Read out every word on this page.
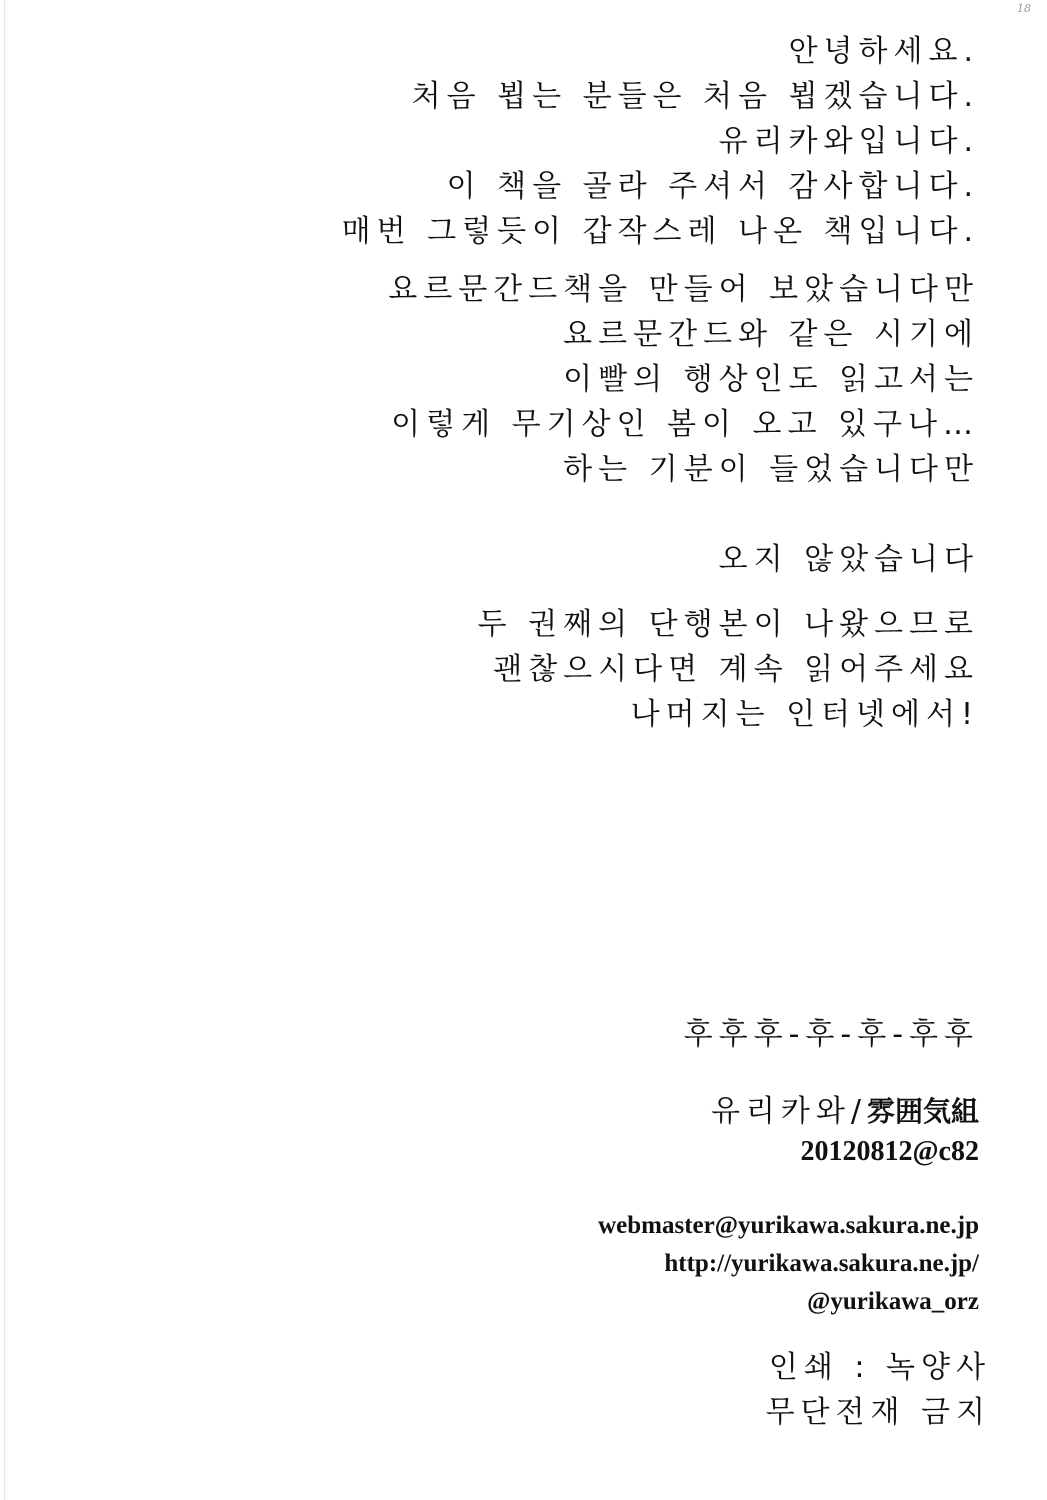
18
안녕하세요.
처음 뵙는 분들은 처음 뵙겠습니다.
유리카와입니다.
이 책을 골라 주셔서 감사합니다.
매번 그렇듯이 갑작스레 나온 책입니다.
요르문간드책을 만들어 보았습니다만
요르문간드와 같은 시기에
이빨의 행상인도 읽고서는
이렇게 무기상인 봄이 오고 있구나…
하는 기분이 들었습니다만
오지 않았습니다
두 권째의 단행본이 나왔으므로
괜찮으시다면 계속 읽어주세요
나머지는 인터넷에서!
후후후-후-후-후후
유리카와/雰囲気組
20120812@c82
webmaster@yurikawa.sakura.ne.jp
http://yurikawa.sakura.ne.jp/
@yurikawa_orz
인쇄 : 녹양사
무단전재 금지
